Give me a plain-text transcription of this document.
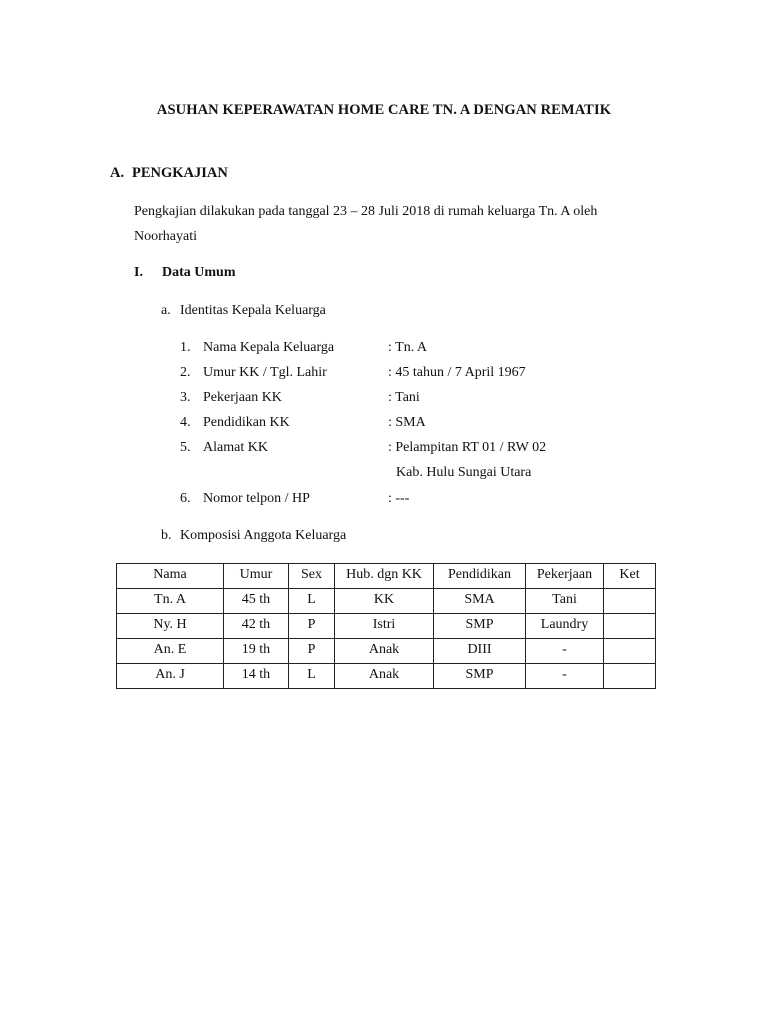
ASUHAN KEPERAWATAN HOME CARE TN. A DENGAN REMATIK
A. PENGKAJIAN
Pengkajian dilakukan pada tanggal 23 – 28 Juli 2018 di rumah keluarga Tn. A oleh
Noorhayati
I. Data Umum
a. Identitas Kepala Keluarga
1. Nama Kepala Keluarga	: Tn. A
2. Umur KK / Tgl. Lahir	: 45 tahun / 7 April 1967
3. Pekerjaan KK	: Tani
4. Pendidikan KK	: SMA
5. Alamat KK	: Pelampitan RT 01 / RW 02
Kab. Hulu Sungai Utara
6. Nomor telpon / HP	: ---
b. Komposisi Anggota Keluarga
Nama	Umur	Sex	Hub. dgn KK	Pendidikan	Pekerjaan	Ket
Tn. A	45 th	L	KK	SMA	Tani	
Ny. H	42 th	P	Istri	SMP	Laundry	
An. E	19 th	P	Anak	DIII	-	
An. J	14 th	L	Anak	SMP	-	
